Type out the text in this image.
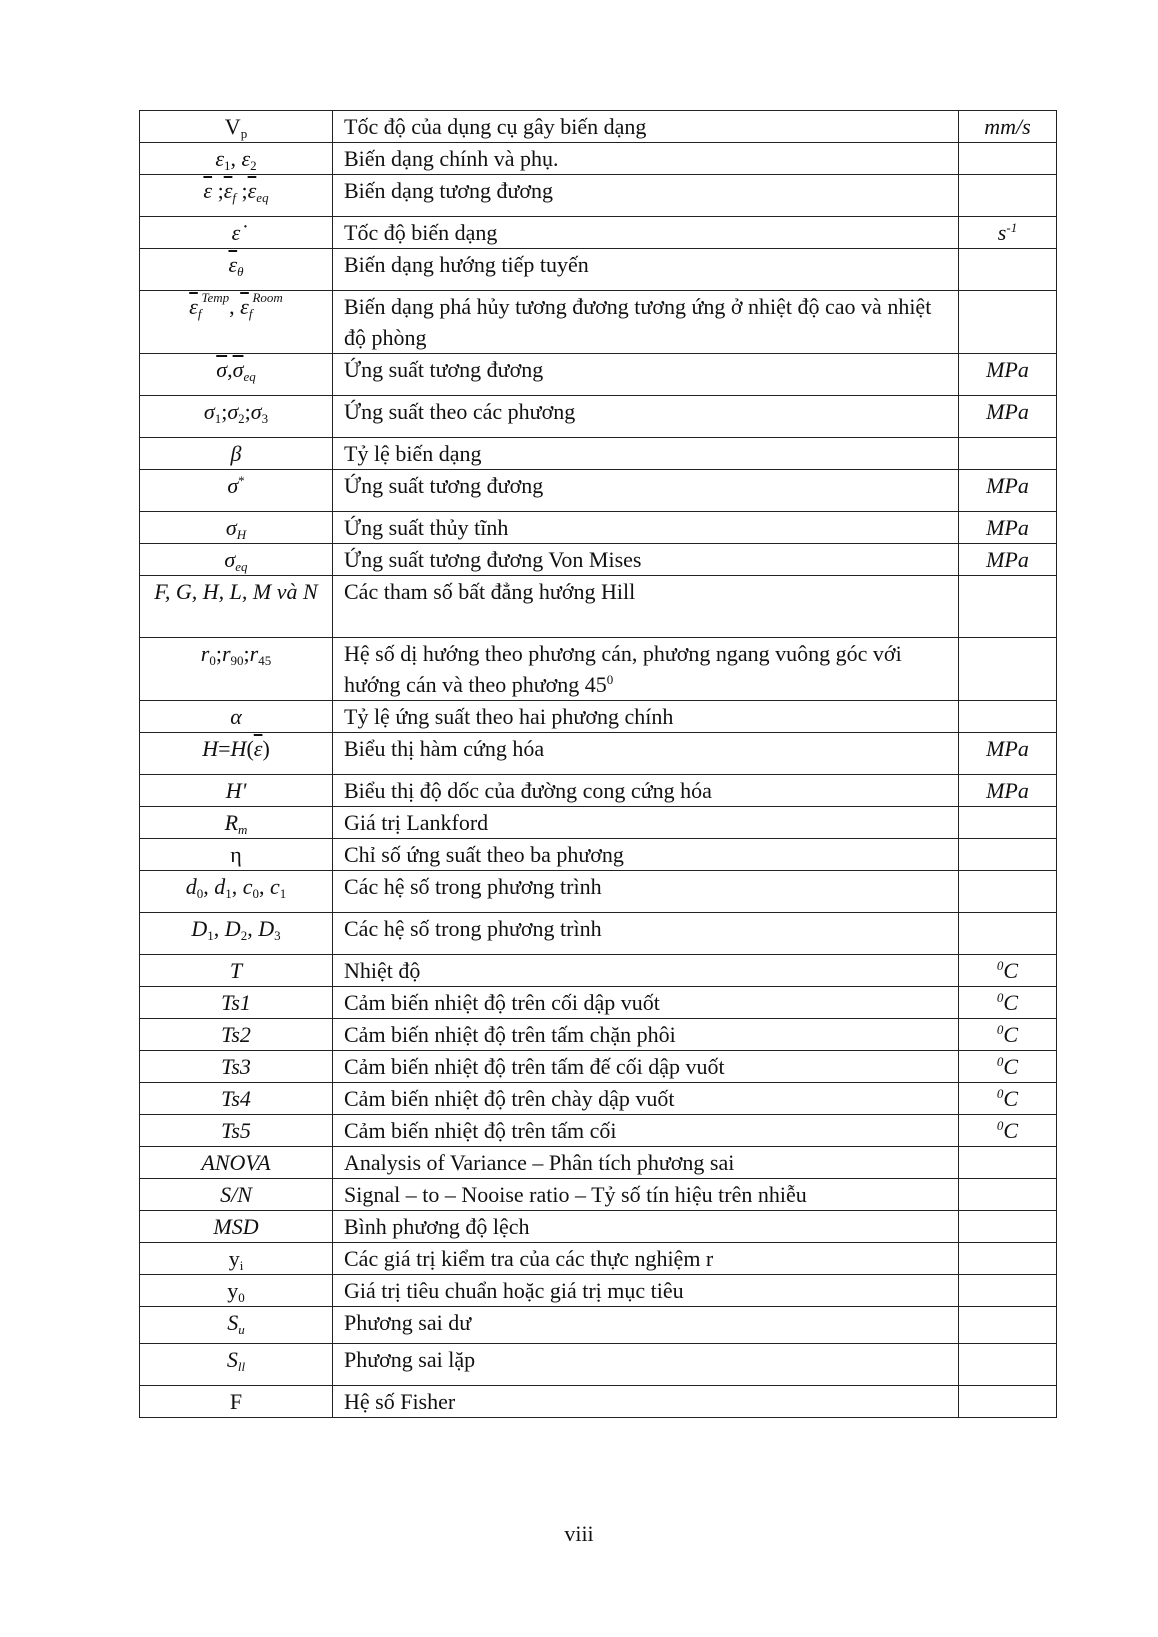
$V_p$	Tốc độ của dụng cụ gây biến dạng	mm/s
$\varepsilon_1$, $\varepsilon_2$	Biến dạng chính và phụ.	
$\overline{\varepsilon}$ $;\overline{\varepsilon}_f$ $;\overline{\varepsilon}_{eq}$	Biến dạng tương đương	
ε̇	Tốc độ biến dạng	$s^{-1}$
$\overline{\varepsilon}_\theta$	Biến dạng hướng tiếp tuyến	
$\overline{\varepsilon}_f^{Temp}$, $\overline{\varepsilon}_f^{Room}$	Biến dạng phá hủy tương đương tương ứng ở nhiệt độ cao và nhiệt độ phòng	
$\overline{\sigma},\overline{\sigma}_{eq}$	Ứng suất tương đương	MPa
$\sigma_1;\sigma_2;\sigma_3$	Ứng suất theo các phương	MPa
β	Tỷ lệ biến dạng	
σ*	Ứng suất tương đương	MPa
$\sigma_H$	Ứng suất thủy tĩnh	MPa
$\sigma_{eq}$	Ứng suất tương đương Von Mises	MPa
F, G, H, L, M và N	Các tham số bất đẳng hướng Hill	
$r_0;r_{90};r_{45}$	Hệ số dị hướng theo phương cán, phương ngang vuông góc với hướng cán và theo phương $45^0$	
α	Tỷ lệ ứng suất theo hai phương chính	
$H=H(\overline{\varepsilon})$	Biểu thị hàm cứng hóa	MPa
H'	Biểu thị độ dốc của đường cong cứng hóa	MPa
$R_m$	Giá trị Lankford	
η	Chỉ số ứng suất theo ba phương	
$d_0$, $d_1$, $c_0$, $c_1$	Các hệ số trong phương trình	
$D_1$, $D_2$, $D_3$	Các hệ số trong phương trình	
T	Nhiệt độ	$^0$C
Ts1	Cảm biến nhiệt độ trên cối dập vuốt	$^0$C
Ts2	Cảm biến nhiệt độ trên tấm chặn phôi	$^0$C
Ts3	Cảm biến nhiệt độ trên tấm đế cối dập vuốt	$^0$C
Ts4	Cảm biến nhiệt độ trên chày dập vuốt	$^0$C
Ts5	Cảm biến nhiệt độ trên tấm cối	$^0$C
ANOVA	Analysis of Variance – Phân tích phương sai	
S/N	Signal – to – Nooise ratio – Tỷ số tín hiệu trên nhiễu	
MSD	Bình phương độ lệch	
$y_i$	Các giá trị kiểm tra của các thực nghiệm r	
$y_0$	Giá trị tiêu chuẩn hoặc giá trị mục tiêu	
$S_u$	Phương sai dư	
$S_{ll}$	Phương sai lặp	
F	Hệ số Fisher	
viii
